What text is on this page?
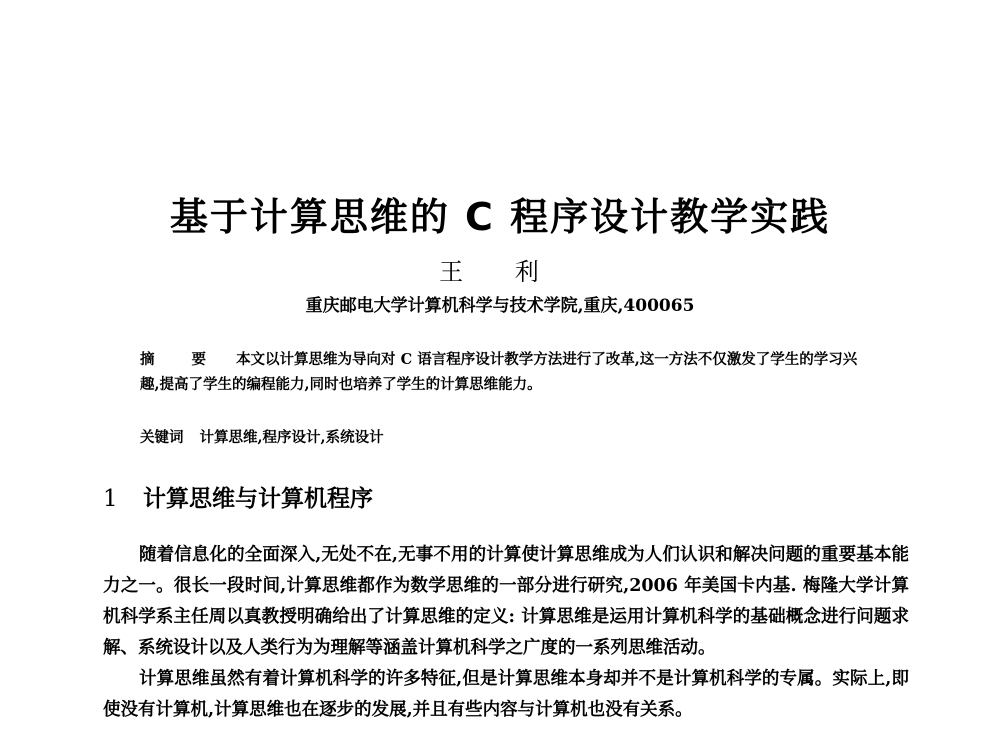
基于计算思维的 C 程序设计教学实践
王 利
重庆邮电大学计算机科学与技术学院,重庆,400065
摘 要 本文以计算思维为导向对 C 语言程序设计教学方法进行了改革,这一方法不仅激发了学生的学习兴趣,提高了学生的编程能力,同时也培养了学生的计算思维能力。
关键词 计算思维,程序设计,系统设计
1 计算思维与计算机程序

随着信息化的全面深入,无处不在,无事不用的计算使计算思维成为人们认识和解决问题的重要基本能力之一。很长一段时间,计算思维都作为数学思维的一部分进行研究,2006 年美国卡内基. 梅隆大学计算机科学系主任周以真教授明确给出了计算思维的定义: 计算思维是运用计算机科学的基础概念进行问题求解、系统设计以及人类行为为理解等涵盖计算机科学之广度的一系列思维活动。

计算思维虽然有着计算机科学的许多特征,但是计算思维本身却并不是计算机科学的专属。实际上,即使没有计算机,计算思维也在逐步的发展,并且有些内容与计算机也没有关系。
